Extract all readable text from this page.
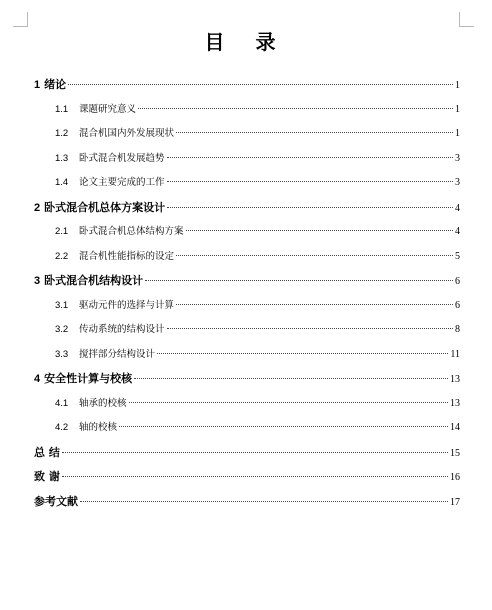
目 录
1 绪论	1
1.1	课题研究意义	1
1.2	混合机国内外发展现状	1
1.3	卧式混合机发展趋势	3
1.4	论文主要完成的工作	3
2 卧式混合机总体方案设计	4
2.1	卧式混合机总体结构方案	4
2.2	混合机性能指标的设定	5
3 卧式混合机结构设计	6
3.1	驱动元件的选择与计算	6
3.2	传动系统的结构设计	8
3.3	搅拌部分结构设计	11
4 安全性计算与校核	13
4.1	轴承的校核	13
4.2	轴的校核	14
总 结	15
致 谢	16
参考文献	17
